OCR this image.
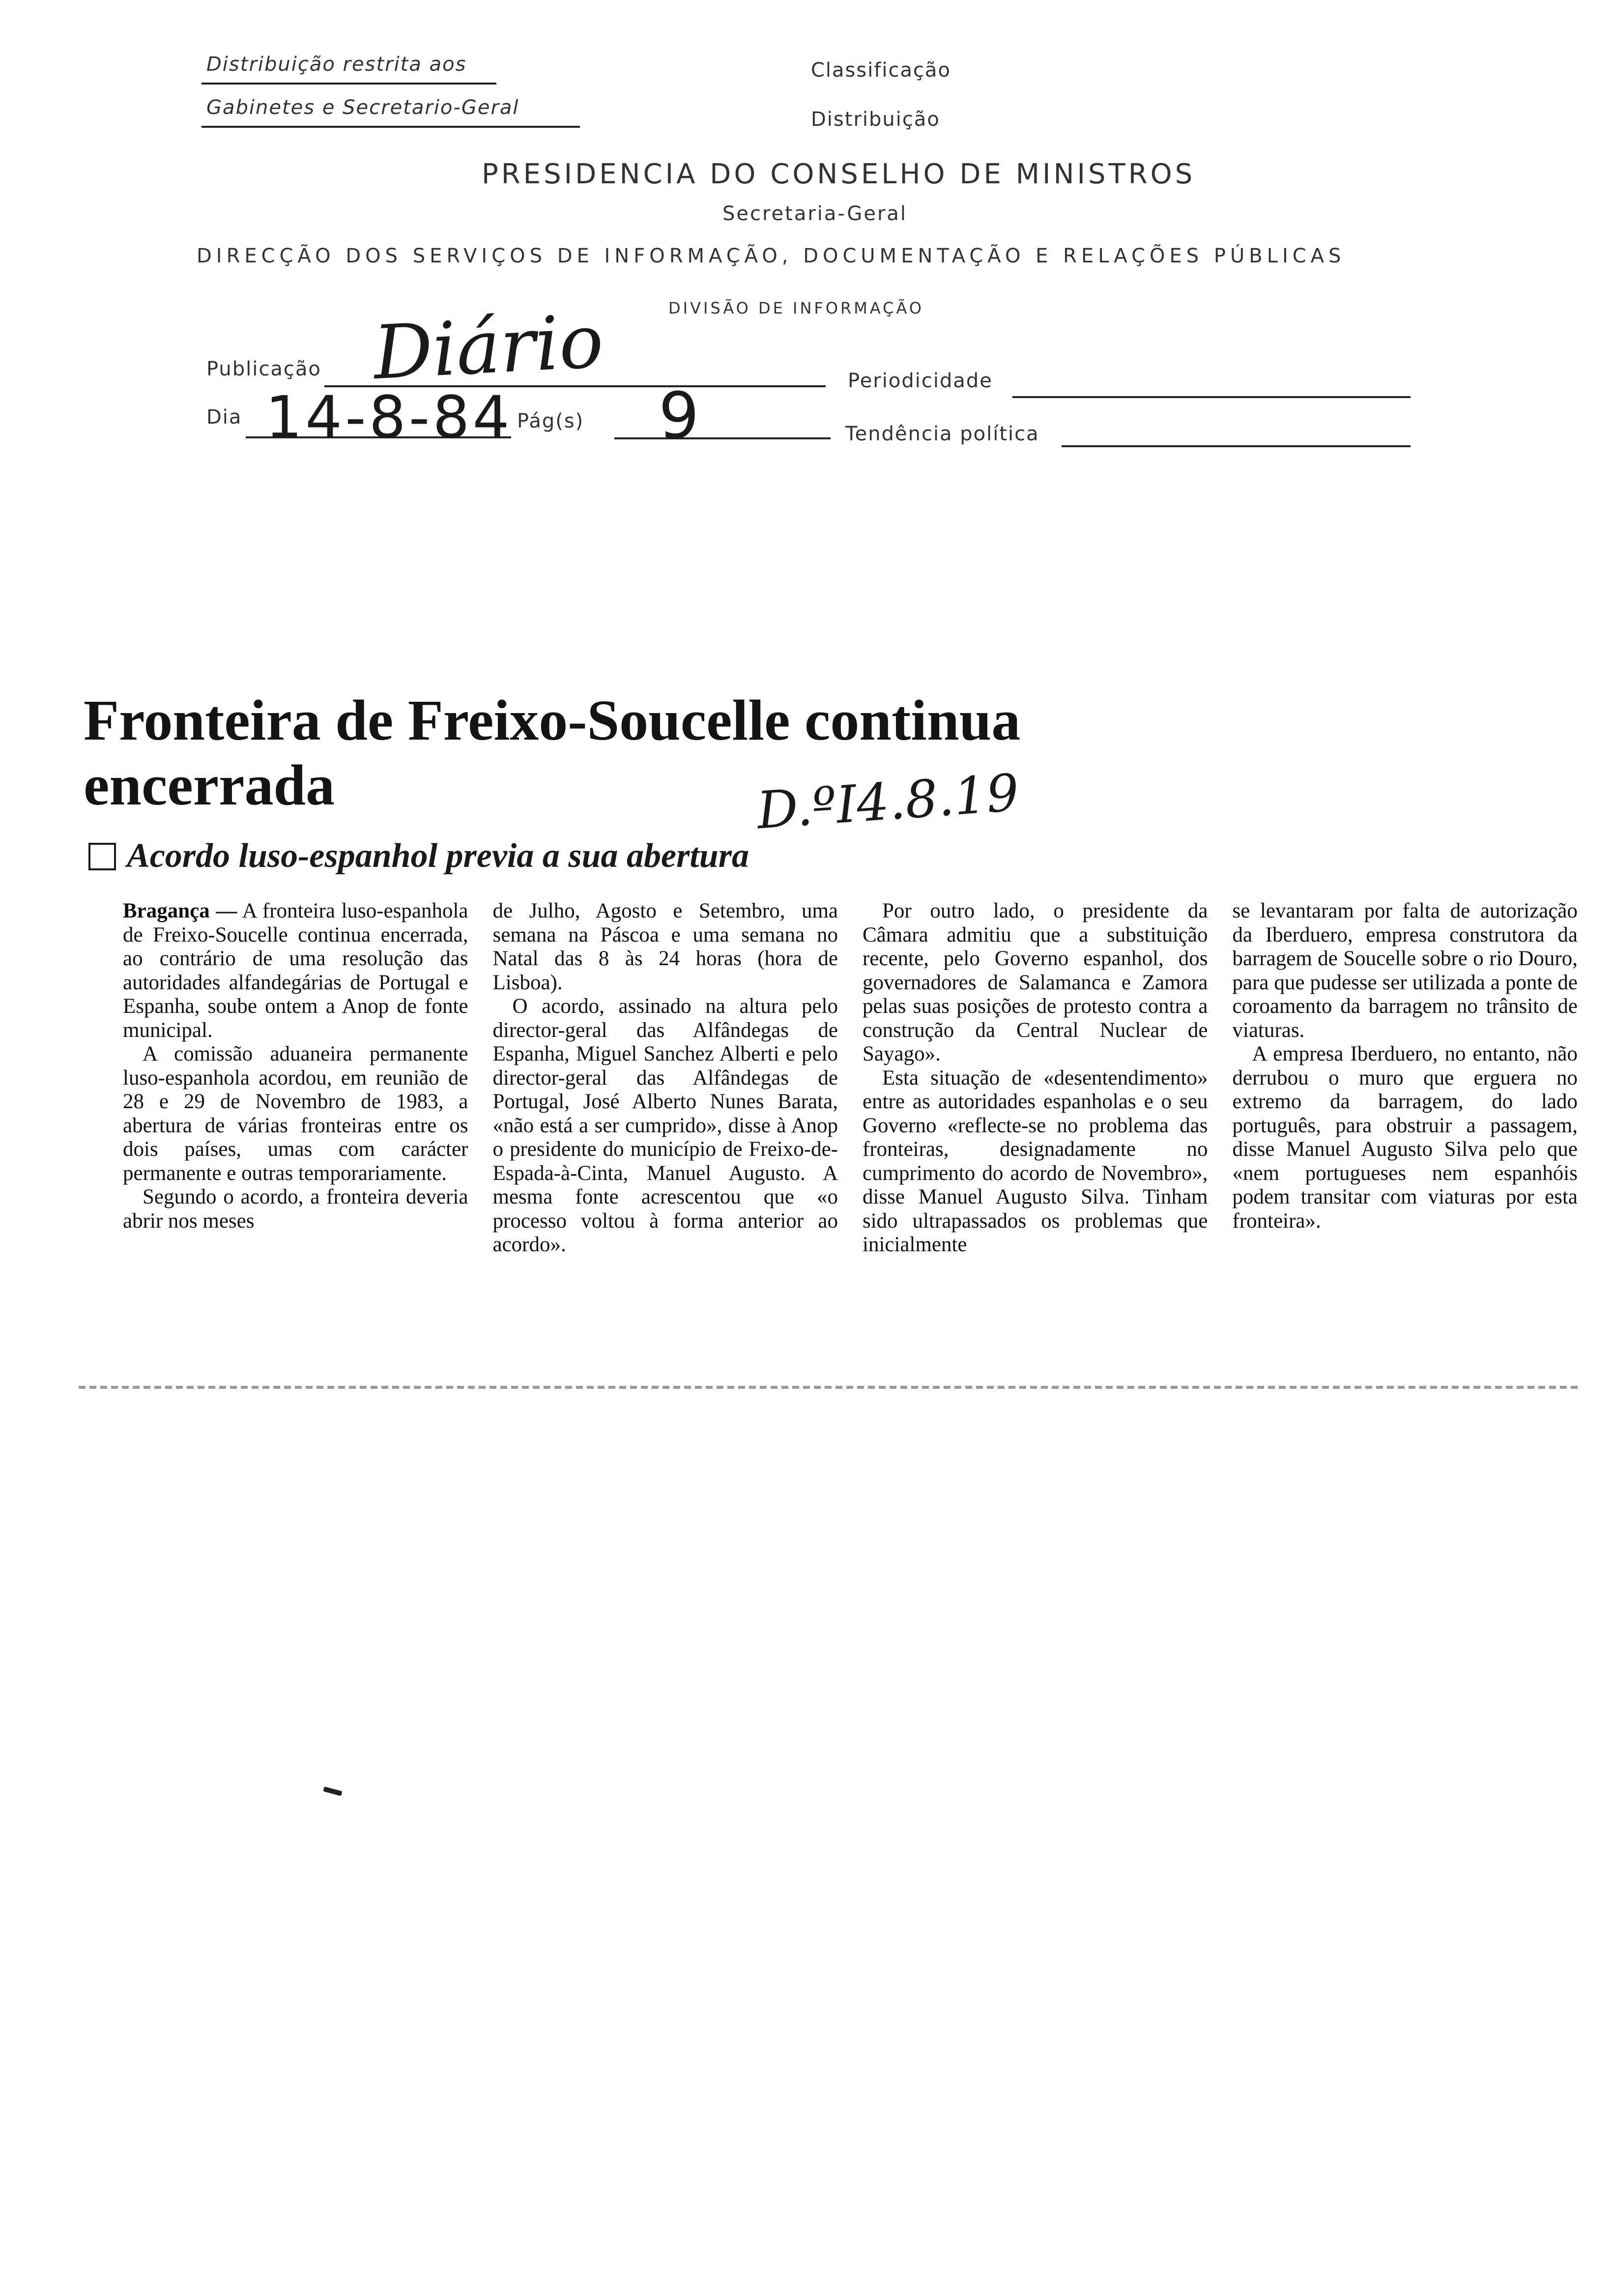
Distribuição restrita aos
Gabinetes e Secretario-Geral
Classificação
Distribuição
PRESIDENCIA DO CONSELHO DE MINISTROS
Secretaria-Geral
DIRECÇÃO DOS SERVIÇOS DE INFORMAÇÃO, DOCUMENTAÇÃO E RELAÇÕES PÚBLICAS
DIVISÃO DE INFORMAÇÃO
Publicação Diário	Periodicidade
Dia 14-8-84 Pág(s) 9	Tendência política
Fronteira de Freixo-Soucelle continua encerrada	D.ºI4.8.19
Acordo luso-espanhol previa a sua abertura

Bragança — A fronteira luso-espanhola de Freixo-Soucelle continua encerrada, ao contrário de uma resolução das autoridades alfandegárias de Portugal e Espanha, soube ontem a Anop de fonte municipal.

A comissão aduaneira permanente luso-espanhola acordou, em reunião de 28 e 29 de Novembro de 1983, a abertura de várias fronteiras entre os dois países, umas com carácter permanente e outras temporariamente.

Segundo o acordo, a fronteira deveria abrir nos meses

de Julho, Agosto e Setembro, uma semana na Páscoa e uma semana no Natal das 8 às 24 horas (hora de Lisboa).

O acordo, assinado na altura pelo director-geral das Alfândegas de Espanha, Miguel Sanchez Alberti e pelo director-geral das Alfândegas de Portugal, José Alberto Nunes Barata, «não está a ser cumprido», disse à Anop o presidente do município de Freixo-de-Espada-à-Cinta, Manuel Augusto. A mesma fonte acrescentou que «o processo voltou à forma anterior ao acordo».

Por outro lado, o presidente da Câmara admitiu que a substituição recente, pelo Governo espanhol, dos governadores de Salamanca e Zamora pelas suas posições de protesto contra a construção da Central Nuclear de Sayago».

Esta situação de «desentendimento» entre as autoridades espanholas e o seu Governo «reflecte-se no problema das fronteiras, designadamente no cumprimento do acordo de Novembro», disse Manuel Augusto Silva. Tinham sido ultrapassados os problemas que inicialmente

se levantaram por falta de autorização da Iberduero, empresa construtora da barragem de Soucelle sobre o rio Douro, para que pudesse ser utilizada a ponte de coroamento da barragem no trânsito de viaturas.

A empresa Iberduero, no entanto, não derrubou o muro que erguera no extremo da barragem, do lado português, para obstruir a passagem, disse Manuel Augusto Silva pelo que «nem portugueses nem espanhóis podem transitar com viaturas por esta fronteira».
